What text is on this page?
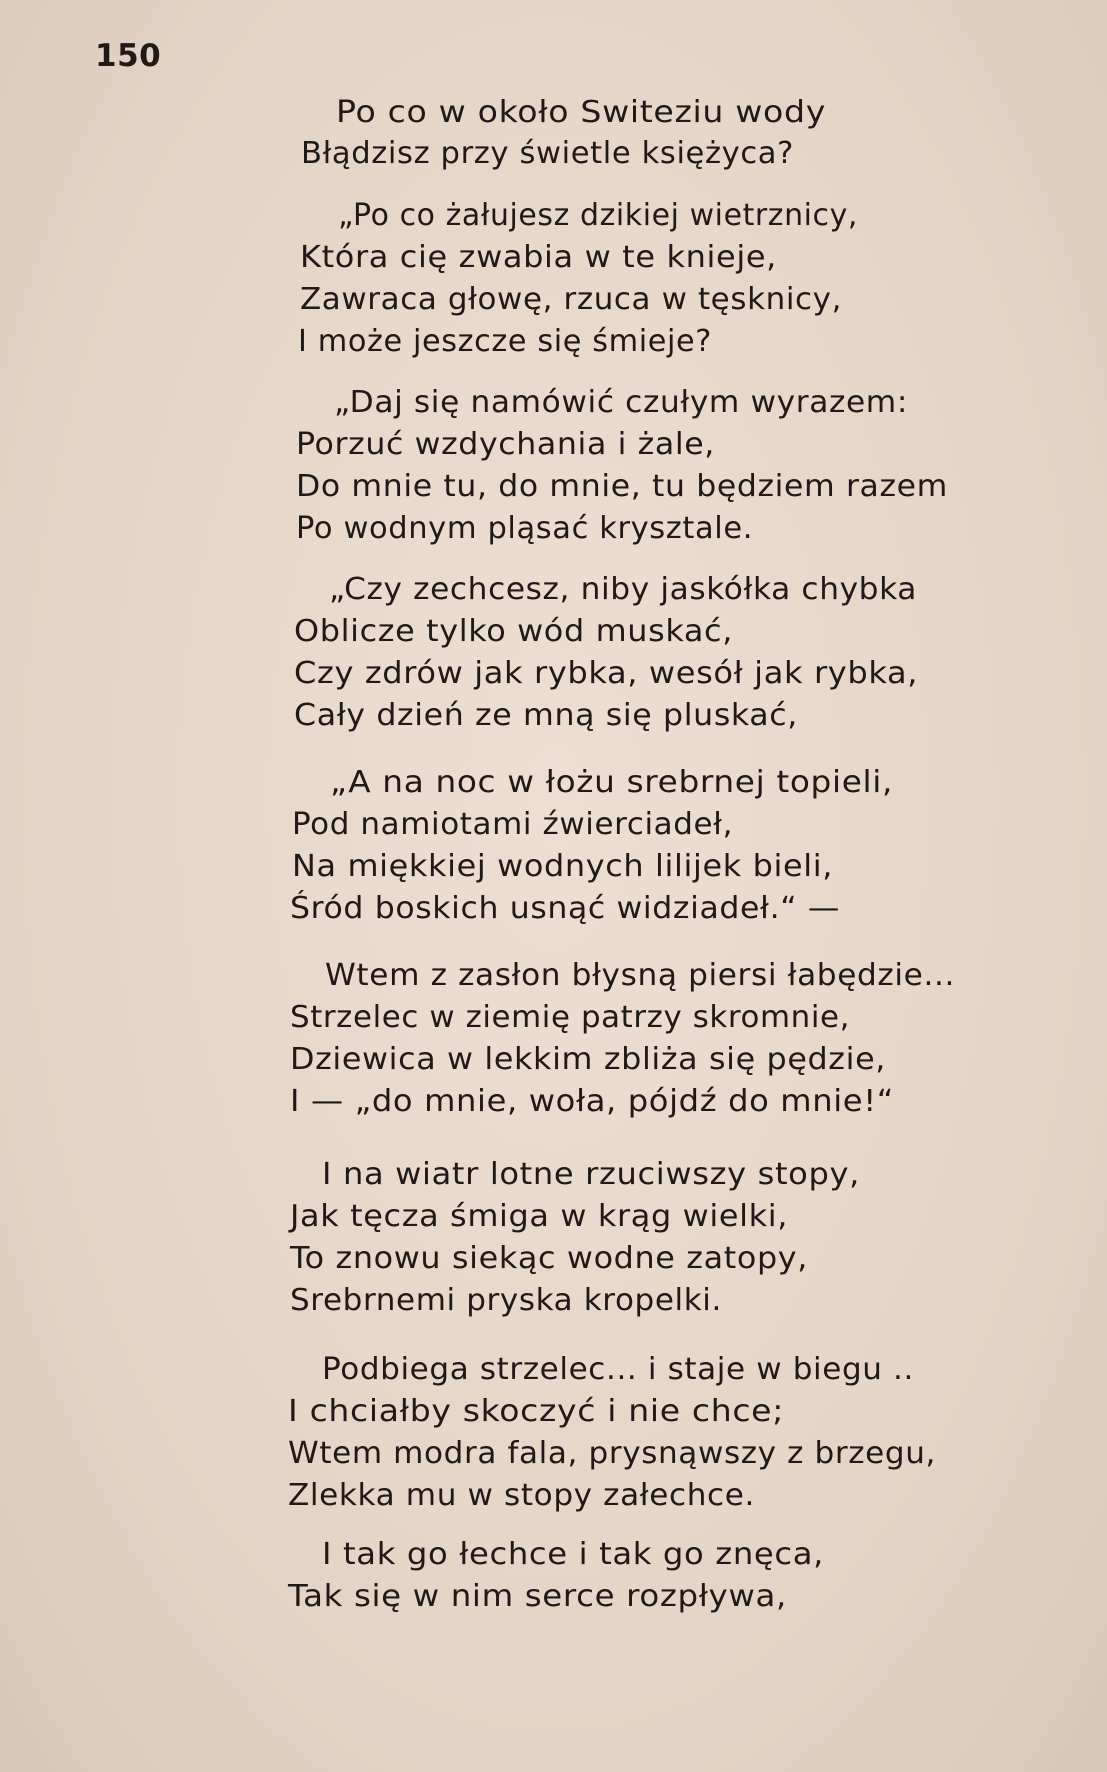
150
Po co w około Switeziu wody
Błądzisz przy świetle księżyca?
„Po co żałujesz dzikiej wietrznicy,
Która cię zwabia w te knieje,
Zawraca głowę, rzuca w tęsknicy,
I może jeszcze się śmieje?
„Daj się namówić czułym wyrazem:
Porzuć wzdychania i żale,
Do mnie tu, do mnie, tu będziem razem
Po wodnym pląsać krysztale.
„Czy zechcesz, niby jaskółka chybka
Oblicze tylko wód muskać,
Czy zdrów jak rybka, wesół jak rybka,
Cały dzień ze mną się pluskać,
„A na noc w łożu srebrnej topieli,
Pod namiotami źwierciadeł,
Na miękkiej wodnych lilijek bieli,
Śród boskich usnąć widziadeł.“ —
Wtem z zasłon błysną piersi łabędzie...
Strzelec w ziemię patrzy skromnie,
Dziewica w lekkim zbliża się pędzie,
I — „do mnie, woła, pójdź do mnie!“
I na wiatr lotne rzuciwszy stopy,
Jak tęcza śmiga w krąg wielki,
To znowu siekąc wodne zatopy,
Srebrnemi pryska kropelki.
Podbiega strzelec... i staje w biegu ..
I chciałby skoczyć i nie chce;
Wtem modra fala, prysnąwszy z brzegu,
Zlekka mu w stopy załechce.
I tak go łechce i tak go znęca,
Tak się w nim serce rozpływa,
